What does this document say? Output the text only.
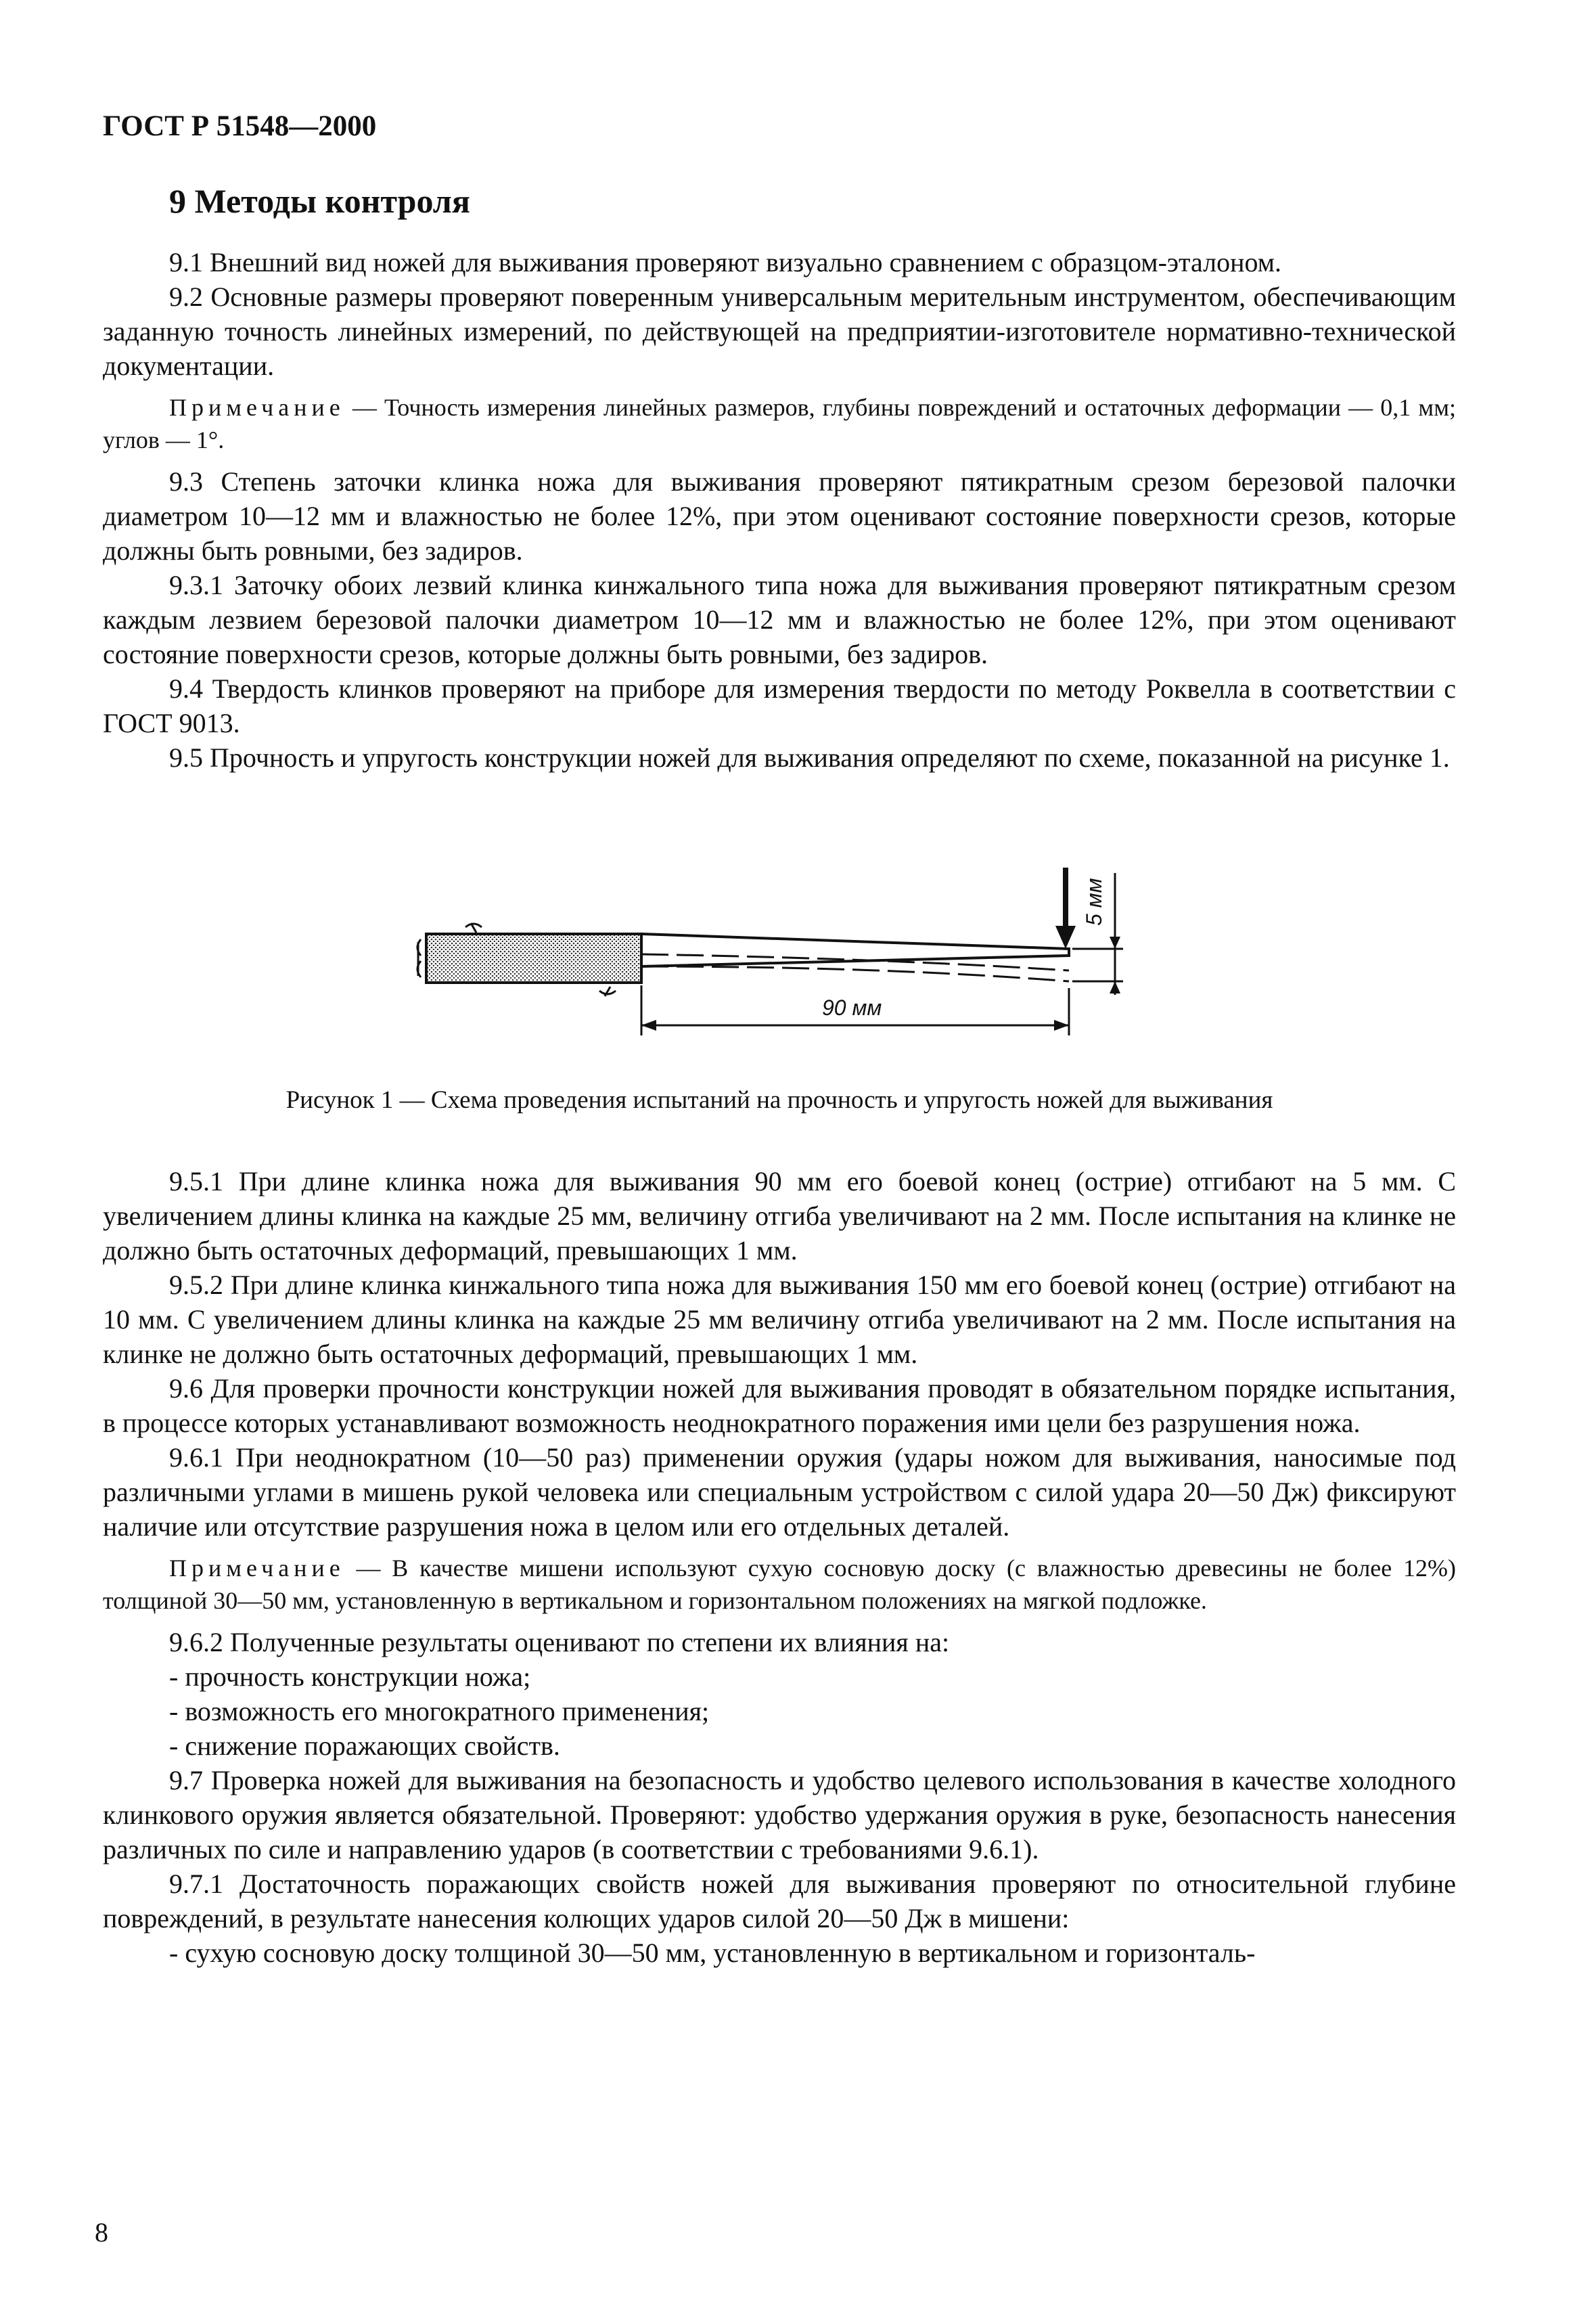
ГОСТ Р 51548—2000
9 Методы контроля

9.1 Внешний вид ножей для выживания проверяют визуально сравнением с образцом-эталоном.

9.2 Основные размеры проверяют поверенным универсальным мерительным инструментом, обеспечивающим заданную точность линейных измерений, по действующей на предприятии-изготовителе нормативно-технической документации.

Примечание — Точность измерения линейных размеров, глубины повреждений и остаточных деформации — 0,1 мм; углов — 1°.

9.3 Степень заточки клинка ножа для выживания проверяют пятикратным срезом березовой палочки диаметром 10—12 мм и влажностью не более 12%, при этом оценивают состояние поверхности срезов, которые должны быть ровными, без задиров.

9.3.1 Заточку обоих лезвий клинка кинжального типа ножа для выживания проверяют пятикратным срезом каждым лезвием березовой палочки диаметром 10—12 мм и влажностью не более 12%, при этом оценивают состояние поверхности срезов, которые должны быть ровными, без задиров.

9.4 Твердость клинков проверяют на приборе для измерения твердости по методу Роквелла в соответствии с ГОСТ 9013.

9.5 Прочность и упругость конструкции ножей для выживания определяют по схеме, показанной на рисунке 1.

5 мм
90 мм
Рисунок 1 — Схема проведения испытаний на прочность и упругость ножей для выживания

9.5.1 При длине клинка ножа для выживания 90 мм его боевой конец (острие) отгибают на 5 мм. С увеличением длины клинка на каждые 25 мм, величину отгиба увеличивают на 2 мм. После испытания на клинке не должно быть остаточных деформаций, превышающих 1 мм.

9.5.2 При длине клинка кинжального типа ножа для выживания 150 мм его боевой конец (острие) отгибают на 10 мм. С увеличением длины клинка на каждые 25 мм величину отгиба увеличивают на 2 мм. После испытания на клинке не должно быть остаточных деформаций, превышающих 1 мм.

9.6 Для проверки прочности конструкции ножей для выживания проводят в обязательном порядке испытания, в процессе которых устанавливают возможность неоднократного поражения ими цели без разрушения ножа.

9.6.1 При неоднократном (10—50 раз) применении оружия (удары ножом для выживания, наносимые под различными углами в мишень рукой человека или специальным устройством с силой удара 20—50 Дж) фиксируют наличие или отсутствие разрушения ножа в целом или его отдельных деталей.

Примечание — В качестве мишени используют сухую сосновую доску (с влажностью древесины не более 12%) толщиной 30—50 мм, установленную в вертикальном и горизонтальном положениях на мягкой подложке.

9.6.2 Полученные результаты оценивают по степени их влияния на:

- прочность конструкции ножа;

- возможность его многократного применения;

- снижение поражающих свойств.

9.7 Проверка ножей для выживания на безопасность и удобство целевого использования в качестве холодного клинкового оружия является обязательной. Проверяют: удобство удержания оружия в руке, безопасность нанесения различных по силе и направлению ударов (в соответствии с требованиями 9.6.1).

9.7.1 Достаточность поражающих свойств ножей для выживания проверяют по относительной глубине повреждений, в результате нанесения колющих ударов силой 20—50 Дж в мишени:

- сухую сосновую доску толщиной 30—50 мм, установленную в вертикальном и горизонталь-

8
